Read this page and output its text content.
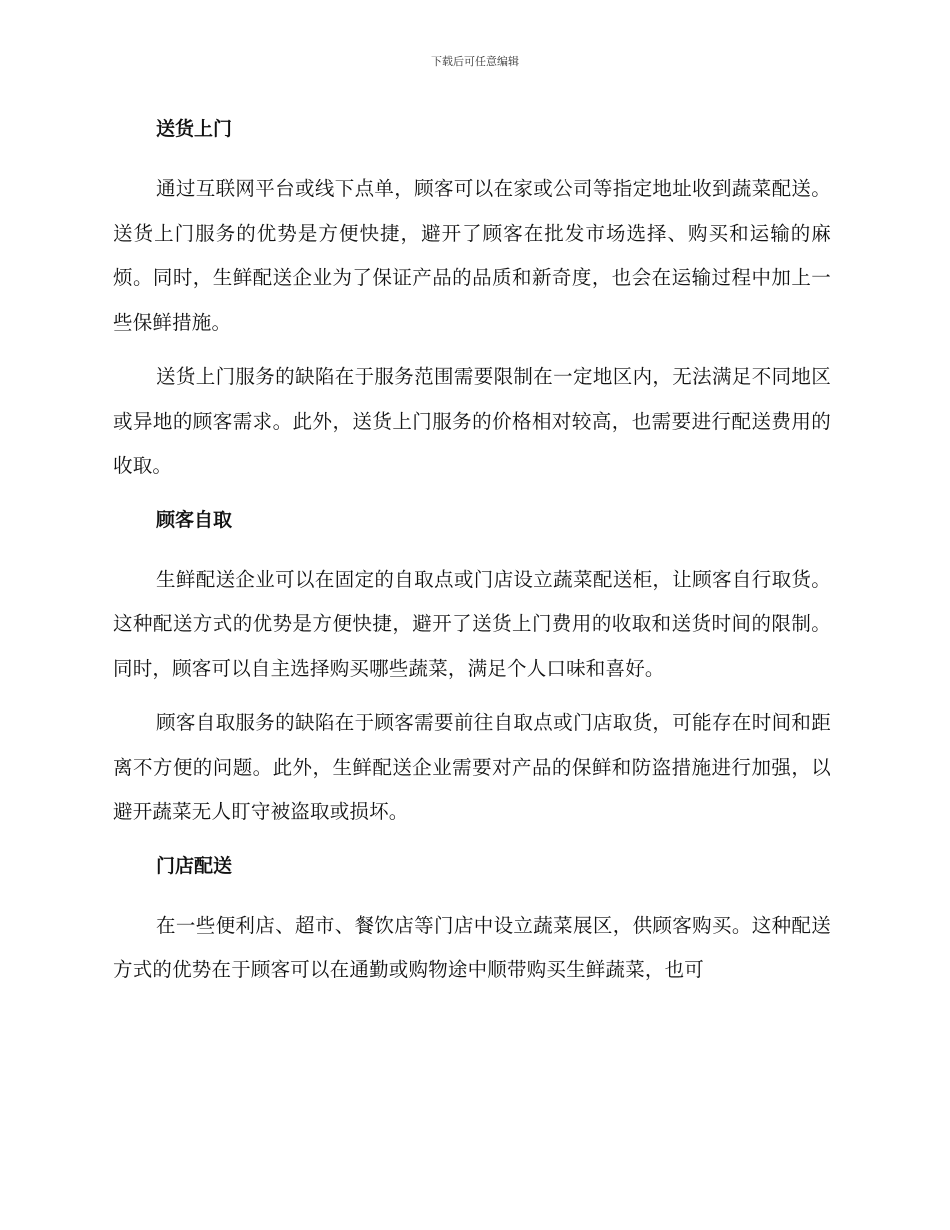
下载后可任意编辑
送货上门

通过互联网平台或线下点单，顾客可以在家或公司等指定地址收到蔬菜配送。送货上门服务的优势是方便快捷，避开了顾客在批发市场选择、购买和运输的麻烦。同时，生鲜配送企业为了保证产品的品质和新奇度，也会在运输过程中加上一些保鲜措施。

送货上门服务的缺陷在于服务范围需要限制在一定地区内，无法满足不同地区或异地的顾客需求。此外，送货上门服务的价格相对较高，也需要进行配送费用的收取。

顾客自取

生鲜配送企业可以在固定的自取点或门店设立蔬菜配送柜，让顾客自行取货。这种配送方式的优势是方便快捷，避开了送货上门费用的收取和送货时间的限制。同时，顾客可以自主选择购买哪些蔬菜，满足个人口味和喜好。

顾客自取服务的缺陷在于顾客需要前往自取点或门店取货，可能存在时间和距离不方便的问题。此外，生鲜配送企业需要对产品的保鲜和防盗措施进行加强，以避开蔬菜无人盯守被盗取或损坏。

门店配送

在一些便利店、超市、餐饮店等门店中设立蔬菜展区，供顾客购买。这种配送方式的优势在于顾客可以在通勤或购物途中顺带购买生鲜蔬菜，也可
